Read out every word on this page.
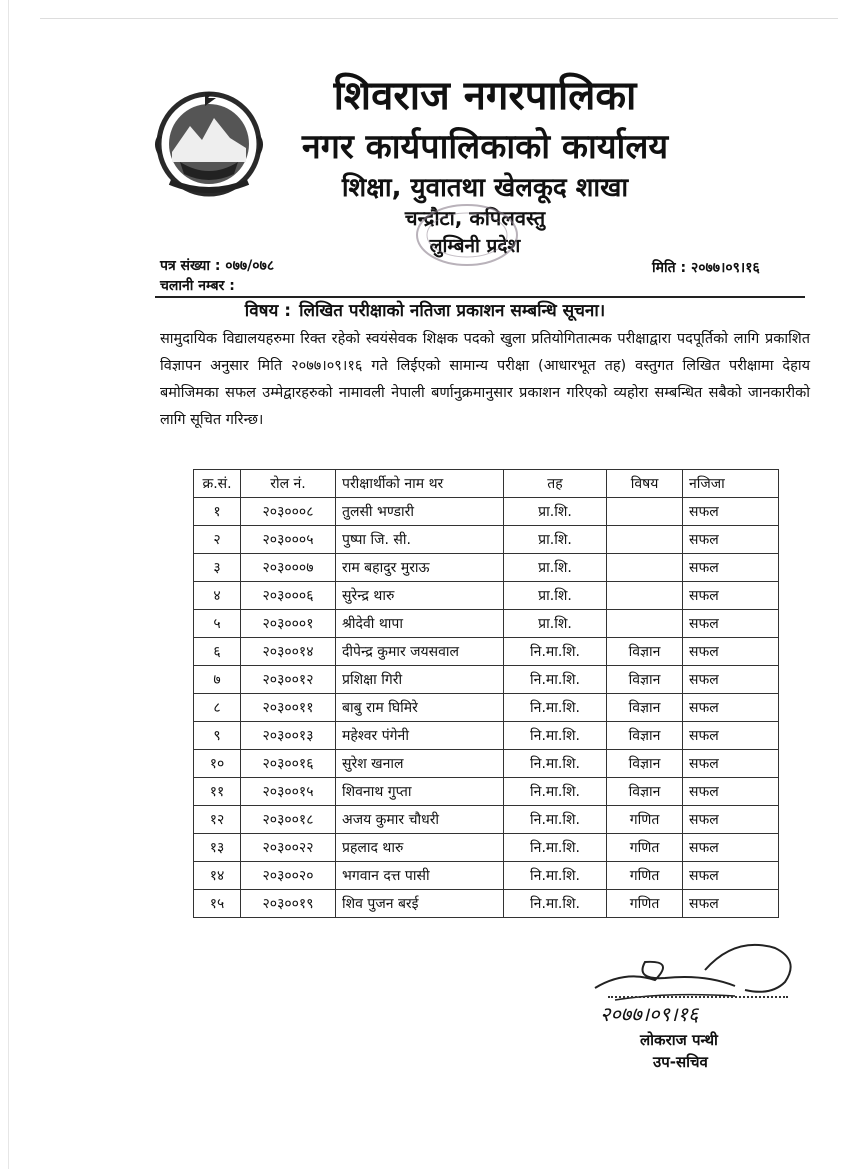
शिवराज नगरपालिका
नगर कार्यपालिकाको कार्यालय
शिक्षा, युवातथा खेलकूद शाखा
चन्द्रौटा, कपिलवस्तु
लुम्बिनी प्रदेश
पत्र संख्या : ०७७/०७८
चलानी नम्बर :
मिति : २०७७।०९।१६
विषय : लिखित परीक्षाको नतिजा प्रकाशन सम्बन्धि सूचना।
सामुदायिक विद्यालयहरुमा रिक्त रहेको स्वयंसेवक शिक्षक पदको खुला प्रतियोगितात्मक परीक्षाद्वारा पदपूर्तिको लागि प्रकाशित विज्ञापन अनुसार मिति २०७७।०९।१६ गते लिईएको सामान्य परीक्षा (आधारभूत तह) वस्तुगत लिखित परीक्षामा देहाय बमोजिमका सफल उम्मेद्वारहरुको नामावली नेपाली बर्णानुक्रमानुसार प्रकाशन गरिएको व्यहोरा सम्बन्धित सबैको जानकारीको लागि सूचित गरिन्छ।
क्र.सं.	रोल नं.	परीक्षार्थीको नाम थर	तह	विषय	नजिजा
१	२०३०००८	तुलसी भण्डारी	प्रा.शि.		सफल
२	२०३०००५	पुष्पा जि. सी.	प्रा.शि.		सफल
३	२०३०००७	राम बहादुर मुराऊ	प्रा.शि.		सफल
४	२०३०००६	सुरेन्द्र थारु	प्रा.शि.		सफल
५	२०३०००१	श्रीदेवी थापा	प्रा.शि.		सफल
६	२०३००१४	दीपेन्द्र कुमार जयसवाल	नि.मा.शि.	विज्ञान	सफल
७	२०३००१२	प्रशिक्षा गिरी	नि.मा.शि.	विज्ञान	सफल
८	२०३००११	बाबु राम घिमिरे	नि.मा.शि.	विज्ञान	सफल
९	२०३००१३	महेश्वर पंगेनी	नि.मा.शि.	विज्ञान	सफल
१०	२०३००१६	सुरेश खनाल	नि.मा.शि.	विज्ञान	सफल
११	२०३००१५	शिवनाथ गुप्ता	नि.मा.शि.	विज्ञान	सफल
१२	२०३००१८	अजय कुमार चौधरी	नि.मा.शि.	गणित	सफल
१३	२०३००२२	प्रहलाद थारु	नि.मा.शि.	गणित	सफल
१४	२०३००२०	भगवान दत्त पासी	नि.मा.शि.	गणित	सफल
१५	२०३००१९	शिव पुजन बरई	नि.मा.शि.	गणित	सफल
२०७७।०९।१६
लोकराज पन्थी
उप-सचिव
